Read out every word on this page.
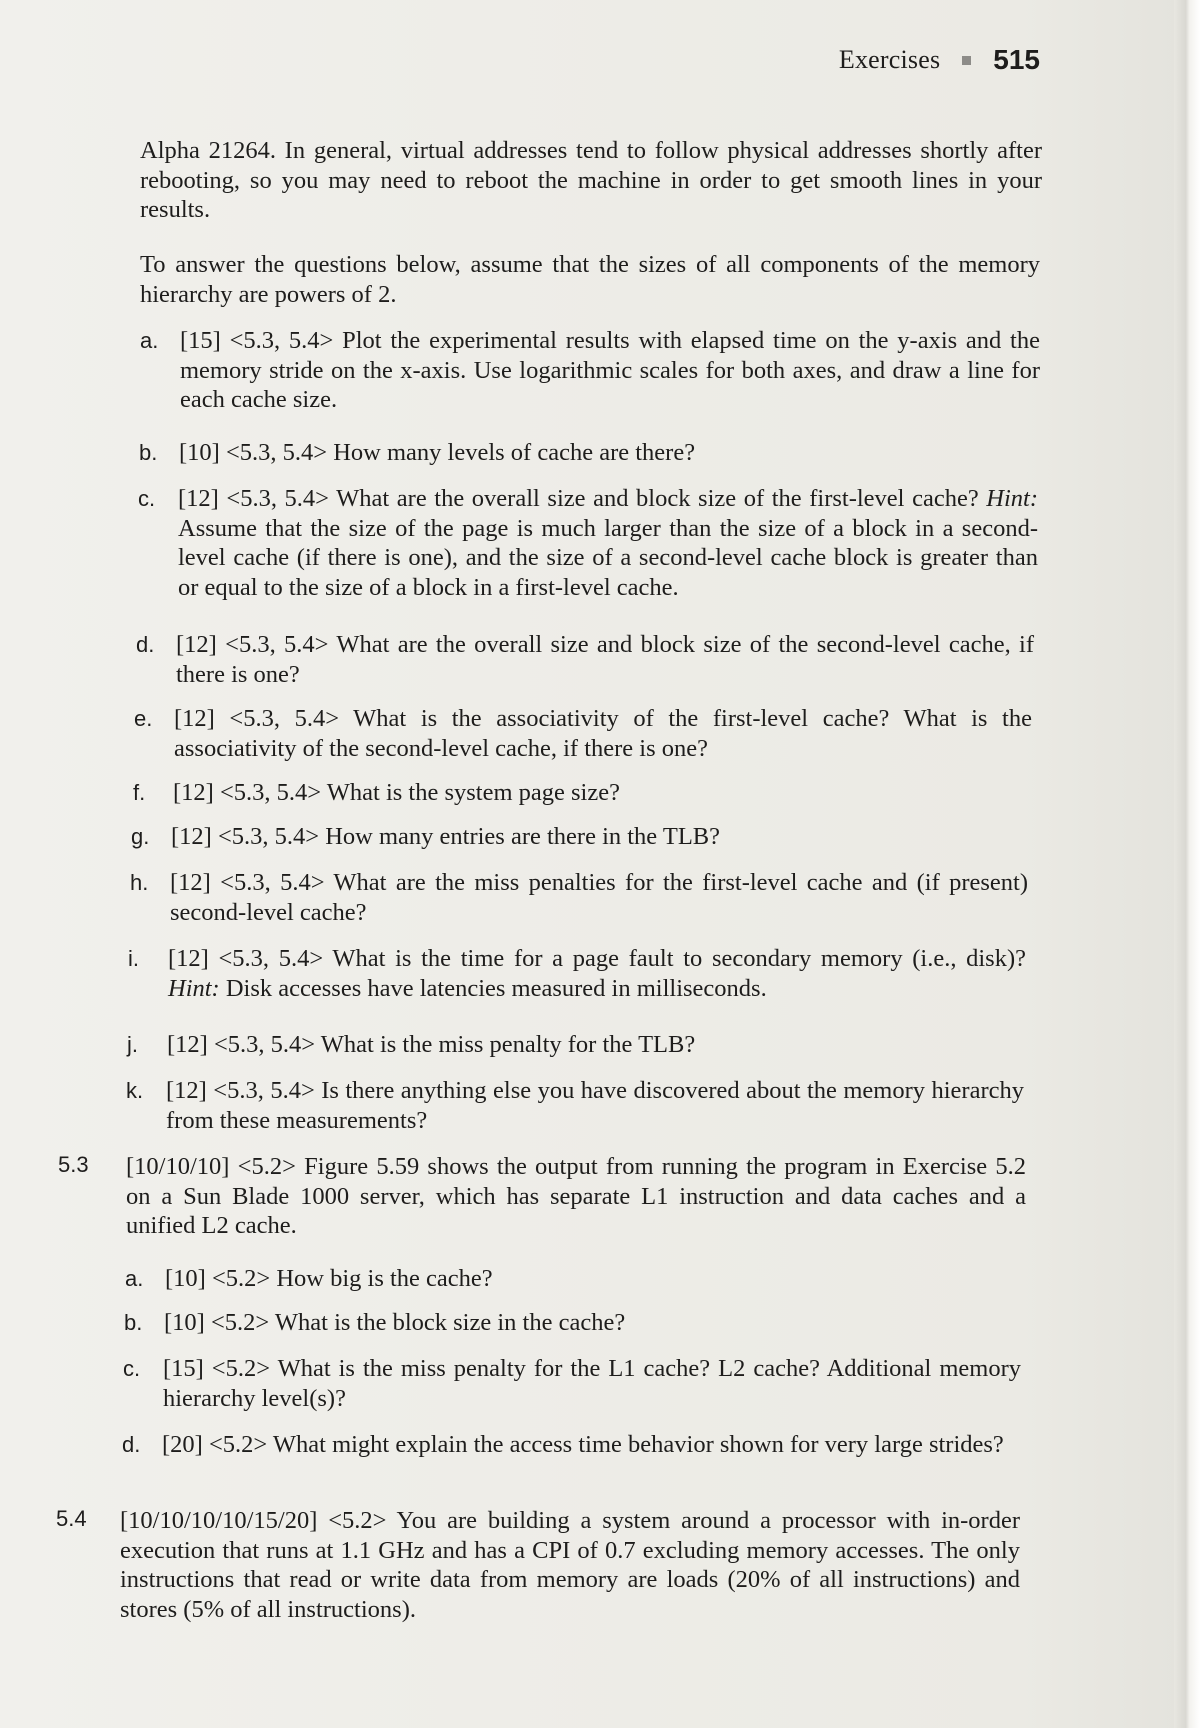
Exercises 515

Alpha 21264. In general, virtual addresses tend to follow physical addresses shortly after rebooting, so you may need to reboot the machine in order to get smooth lines in your results.

To answer the questions below, assume that the sizes of all components of the memory hierarchy are powers of 2.

a. [15] <5.3, 5.4> Plot the experimental results with elapsed time on the y-axis and the memory stride on the x-axis. Use logarithmic scales for both axes, and draw a line for each cache size.

b. [10] <5.3, 5.4> How many levels of cache are there?

c. [12] <5.3, 5.4> What are the overall size and block size of the first-level cache? Hint: Assume that the size of the page is much larger than the size of a block in a second-level cache (if there is one), and the size of a second-level cache block is greater than or equal to the size of a block in a first-level cache.

d. [12] <5.3, 5.4> What are the overall size and block size of the second-level cache, if there is one?

e. [12] <5.3, 5.4> What is the associativity of the first-level cache? What is the associativity of the second-level cache, if there is one?

f. [12] <5.3, 5.4> What is the system page size?

g. [12] <5.3, 5.4> How many entries are there in the TLB?

h. [12] <5.3, 5.4> What are the miss penalties for the first-level cache and (if present) second-level cache?

i. [12] <5.3, 5.4> What is the time for a page fault to secondary memory (i.e., disk)? Hint: Disk accesses have latencies measured in milliseconds.

j. [12] <5.3, 5.4> What is the miss penalty for the TLB?

k. [12] <5.3, 5.4> Is there anything else you have discovered about the memory hierarchy from these measurements?

5.3 [10/10/10] <5.2> Figure 5.59 shows the output from running the program in Exercise 5.2 on a Sun Blade 1000 server, which has separate L1 instruction and data caches and a unified L2 cache.

a. [10] <5.2> How big is the cache?

b. [10] <5.2> What is the block size in the cache?

c. [15] <5.2> What is the miss penalty for the L1 cache? L2 cache? Additional memory hierarchy level(s)?

d. [20] <5.2> What might explain the access time behavior shown for very large strides?

5.4 [10/10/10/10/15/20] <5.2> You are building a system around a processor with in-order execution that runs at 1.1 GHz and has a CPI of 0.7 excluding memory accesses. The only instructions that read or write data from memory are loads (20% of all instructions) and stores (5% of all instructions).
